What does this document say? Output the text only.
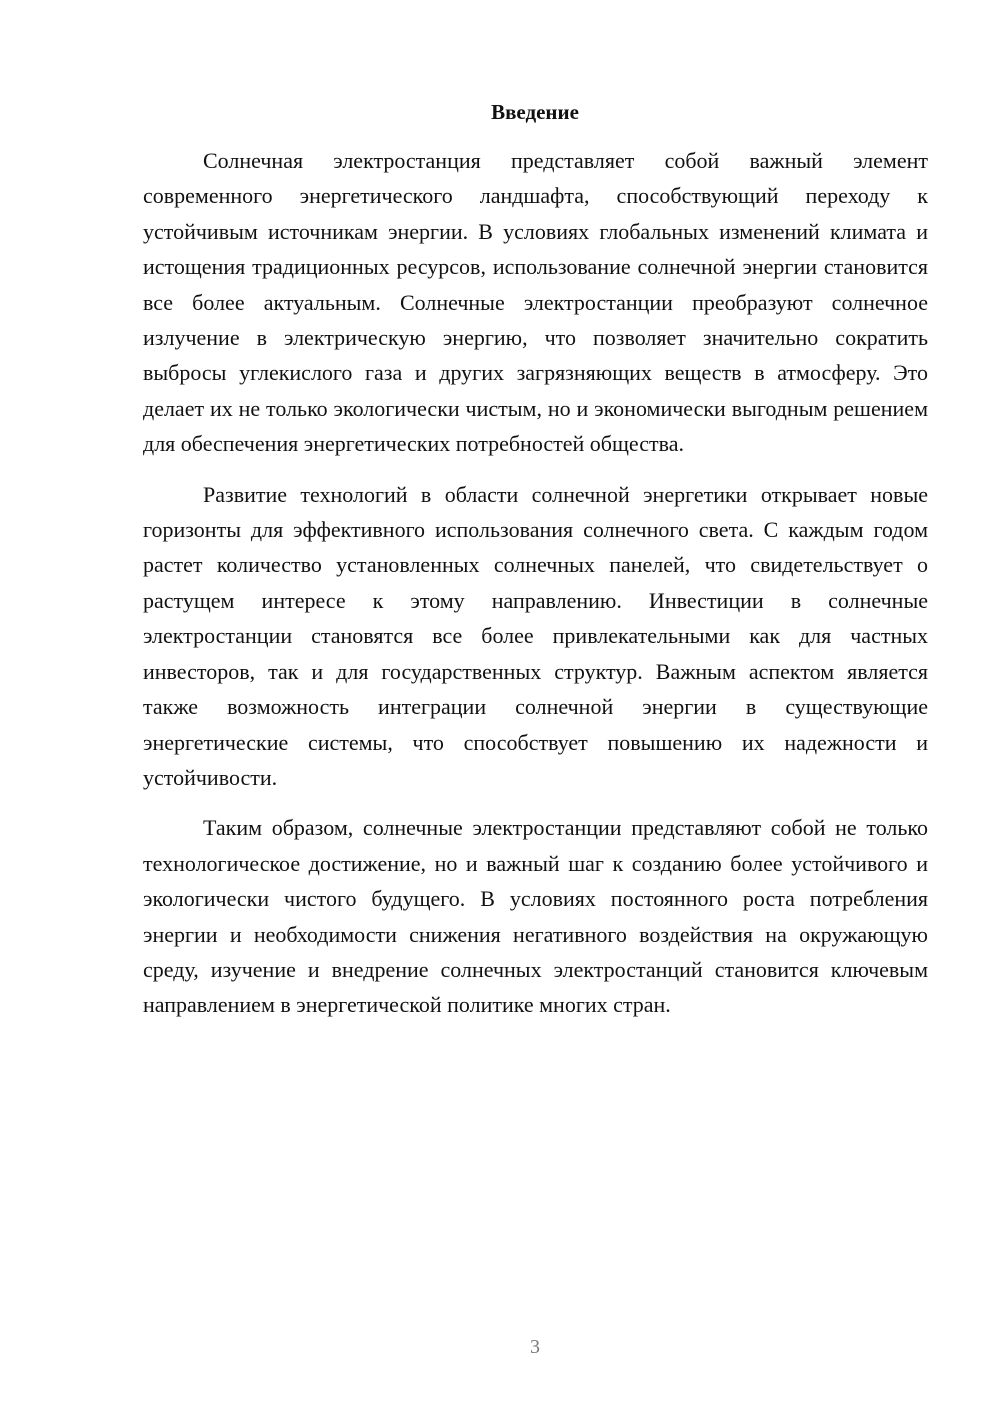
Введение

Солнечная электростанция представляет собой важный элемент современного энергетического ландшафта, способствующий переходу к устойчивым источникам энергии. В условиях глобальных изменений климата и истощения традиционных ресурсов, использование солнечной энергии становится все более актуальным. Солнечные электростанции преобразуют солнечное излучение в электрическую энергию, что позволяет значительно сократить выбросы углекислого газа и других загрязняющих веществ в атмосферу. Это делает их не только экологически чистым, но и экономически выгодным решением для обеспечения энергетических потребностей общества.

Развитие технологий в области солнечной энергетики открывает новые горизонты для эффективного использования солнечного света. С каждым годом растет количество установленных солнечных панелей, что свидетельствует о растущем интересе к этому направлению. Инвестиции в солнечные электростанции становятся все более привлекательными как для частных инвесторов, так и для государственных структур. Важным аспектом является также возможность интеграции солнечной энергии в существующие энергетические системы, что способствует повышению их надежности и устойчивости.

Таким образом, солнечные электростанции представляют собой не только технологическое достижение, но и важный шаг к созданию более устойчивого и экологически чистого будущего. В условиях постоянного роста потребления энергии и необходимости снижения негативного воздействия на окружающую среду, изучение и внедрение солнечных электростанций становится ключевым направлением в энергетической политике многих стран.

3
